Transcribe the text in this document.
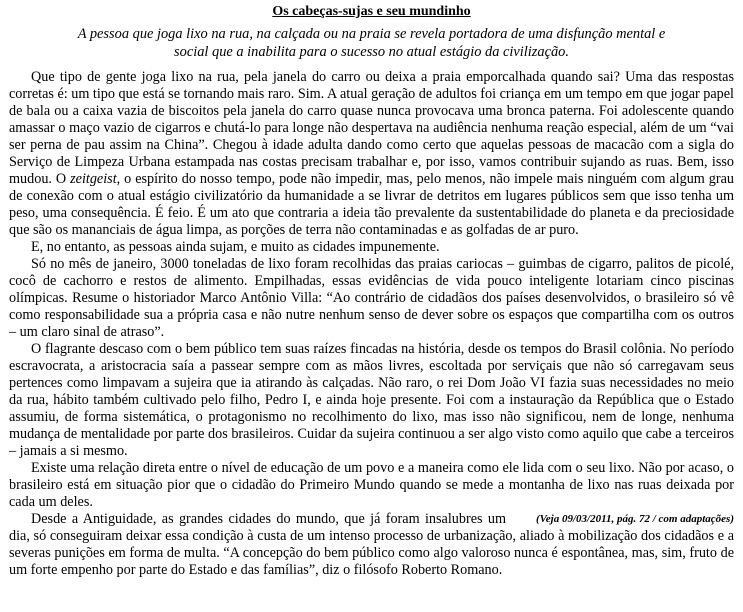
Os cabeças-sujas e seu mundinho

A pessoa que joga lixo na rua, na calçada ou na praia se revela portadora de uma disfunção mental e social que a inabilita para o sucesso no atual estágio da civilização.

Que tipo de gente joga lixo na rua, pela janela do carro ou deixa a praia emporcalhada quando sai? Uma das respostas corretas é: um tipo que está se tornando mais raro. Sim. A atual geração de adultos foi criança em um tempo em que jogar papel de bala ou a caixa vazia de biscoitos pela janela do carro quase nunca provocava uma bronca paterna. Foi adolescente quando amassar o maço vazio de cigarros e chutá-lo para longe não despertava na audiência nenhuma reação especial, além de um “vai ser perna de pau assim na China”. Chegou à idade adulta dando como certo que aquelas pessoas de macacão com a sigla do Serviço de Limpeza Urbana estampada nas costas precisam trabalhar e, por isso, vamos contribuir sujando as ruas. Bem, isso mudou. O zeitgeist, o espírito do nosso tempo, pode não impedir, mas, pelo menos, não impele mais ninguém com algum grau de conexão com o atual estágio civilizatório da humanidade a se livrar de detritos em lugares públicos sem que isso tenha um peso, uma consequência. É feio. É um ato que contraria a ideia tão prevalente da sustentabilidade do planeta e da preciosidade que são os mananciais de água limpa, as porções de terra não contaminadas e as golfadas de ar puro.

E, no entanto, as pessoas ainda sujam, e muito as cidades impunemente.

Só no mês de janeiro, 3000 toneladas de lixo foram recolhidas das praias cariocas – guimbas de cigarro, palitos de picolé, cocô de cachorro e restos de alimento. Empilhadas, essas evidências de vida pouco inteligente lotariam cinco piscinas olímpicas. Resume o historiador Marco Antônio Villa: “Ao contrário de cidadãos dos países desenvolvidos, o brasileiro só vê como responsabilidade sua a própria casa e não nutre nenhum senso de dever sobre os espaços que compartilha com os outros – um claro sinal de atraso”.

O flagrante descaso com o bem público tem suas raízes fincadas na história, desde os tempos do Brasil colônia. No período escravocrata, a aristocracia saía a passear sempre com as mãos livres, escoltada por serviçais que não só carregavam seus pertences como limpavam a sujeira que ia atirando às calçadas. Não raro, o rei Dom João VI fazia suas necessidades no meio da rua, hábito também cultivado pelo filho, Pedro I, e ainda hoje presente. Foi com a instauração da República que o Estado assumiu, de forma sistemática, o protagonismo no recolhimento do lixo, mas isso não significou, nem de longe, nenhuma mudança de mentalidade por parte dos brasileiros. Cuidar da sujeira continuou a ser algo visto como aquilo que cabe a terceiros – jamais a si mesmo.

Existe uma relação direta entre o nível de educação de um povo e a maneira como ele lida com o seu lixo. Não por acaso, o brasileiro está em situação pior que o cidadão do Primeiro Mundo quando se mede a montanha de lixo nas ruas deixada por cada um deles.

(Veja 09/03/2011, pág. 72 / com adaptações)
Desde a Antiguidade, as grandes cidades do mundo, que já foram insalubres um dia, só conseguiram deixar essa condição à custa de um intenso processo de urbanização, aliado à mobilização dos cidadãos e a severas punições em forma de multa. “A concepção do bem público como algo valoroso nunca é espontânea, mas, sim, fruto de um forte empenho por parte do Estado e das famílias”, diz o filósofo Roberto Romano.
